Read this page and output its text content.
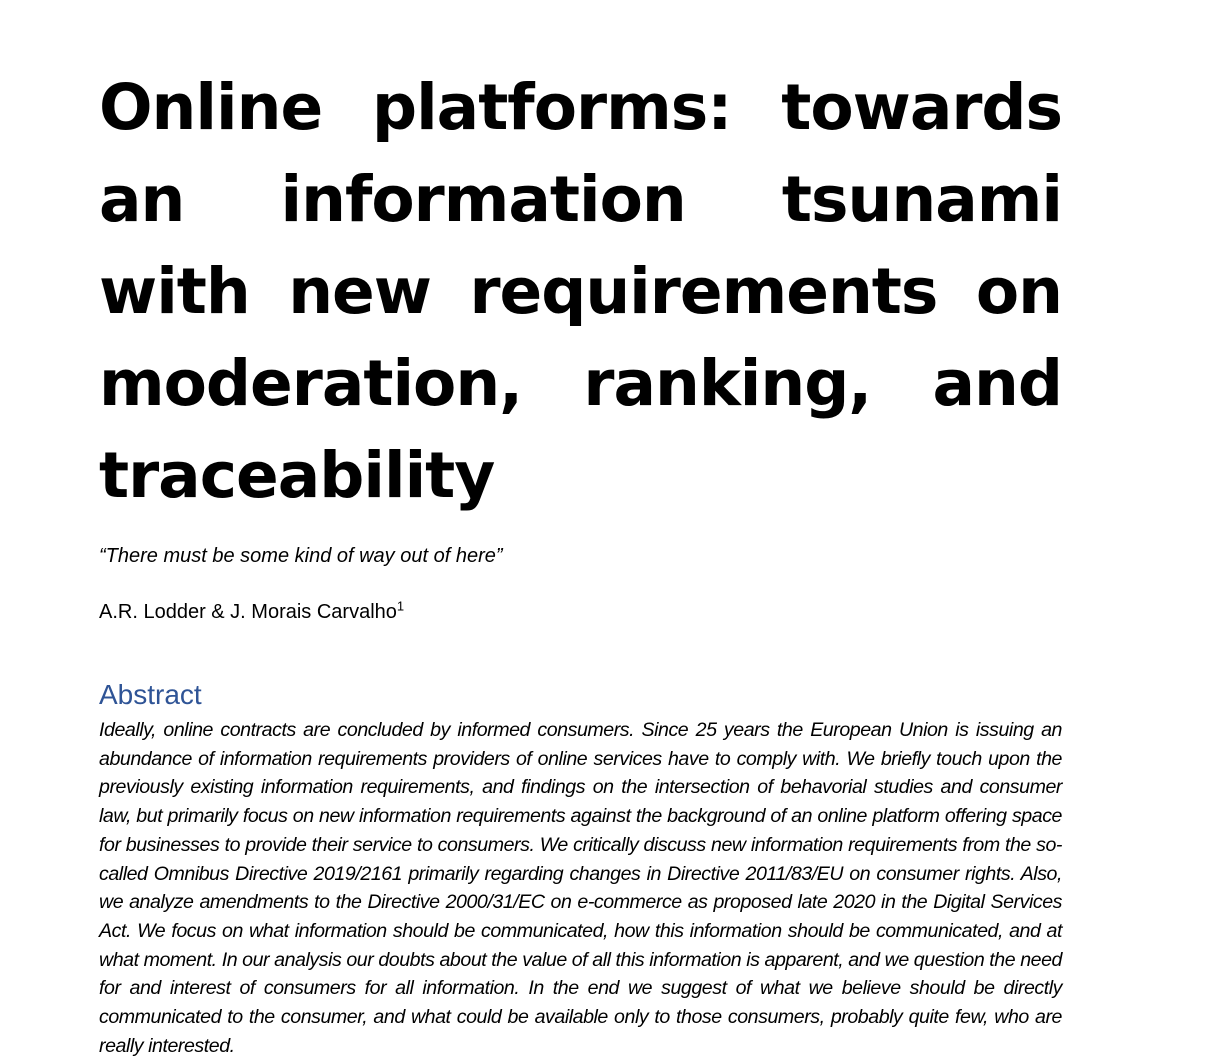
Online platforms: towards an information tsunami with new requirements on moderation, ranking, and traceability
“There must be some kind of way out of here”
A.R. Lodder & J. Morais Carvalho$^1$
Abstract

Ideally, online contracts are concluded by informed consumers. Since 25 years the European Union is issuing an abundance of information requirements providers of online services have to comply with. We briefly touch upon the previously existing information requirements, and findings on the intersection of behavorial studies and consumer law, but primarily focus on new information requirements against the background of an online platform offering space for businesses to provide their service to consumers. We critically discuss new information requirements from the so-called Omnibus Directive 2019/2161 primarily regarding changes in Directive 2011/83/EU on consumer rights. Also, we analyze amendments to the Directive 2000/31/EC on e-commerce as proposed late 2020 in the Digital Services Act. We focus on what information should be communicated, how this information should be communicated, and at what moment. In our analysis our doubts about the value of all this information is apparent, and we question the need for and interest of consumers for all information. In the end we suggest of what we believe should be directly communicated to the consumer, and what could be available only to those consumers, probably quite few, who are really interested.
